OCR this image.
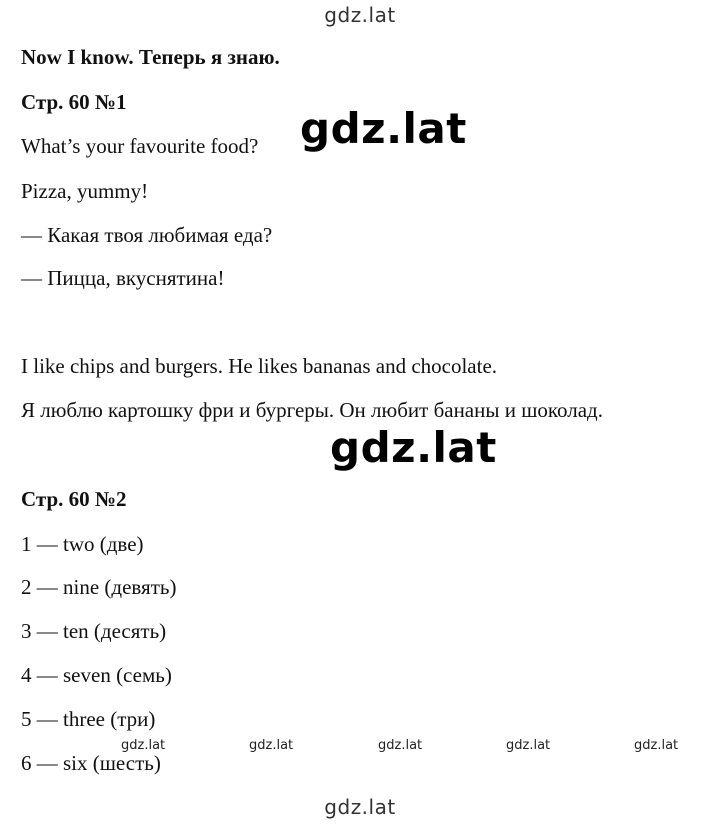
gdz.lat
Now I know. Теперь я знаю.
Стр. 60 №1
What’s your favourite food?
Pizza, yummy!
— Какая твоя любимая еда?
— Пицца, вкуснятина!
I like chips and burgers. He likes bananas and chocolate.
Я люблю картошку фри и бургеры. Он любит бананы и шоколад.
Стр. 60 №2
1 — two (две)
2 — nine (девять)
3 — ten (десять)
4 — seven (семь)
5 — three (три)
6 — six (шесть)
gdz.lat
gdz.lat
gdz.lat	gdz.lat	gdz.lat	gdz.lat	gdz.lat
gdz.lat
